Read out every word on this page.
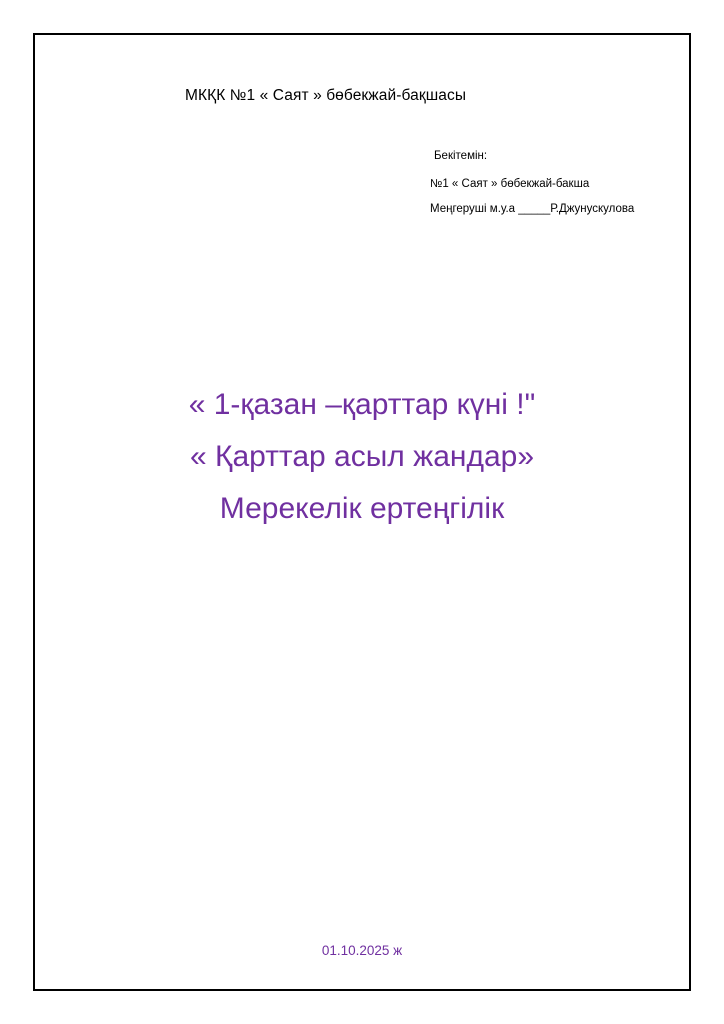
МКҚК №1 « Саят » бөбекжай-бақшасы
Бекітемін:
№1 « Саят » бөбекжай-бакша
Меңгеруші м.у.а _____Р.Джунускулова
« 1-қазан –қарттар күні !"
« Қарттар асыл жандар»
Мерекелік ертеңгілік
01.10.2025 ж
